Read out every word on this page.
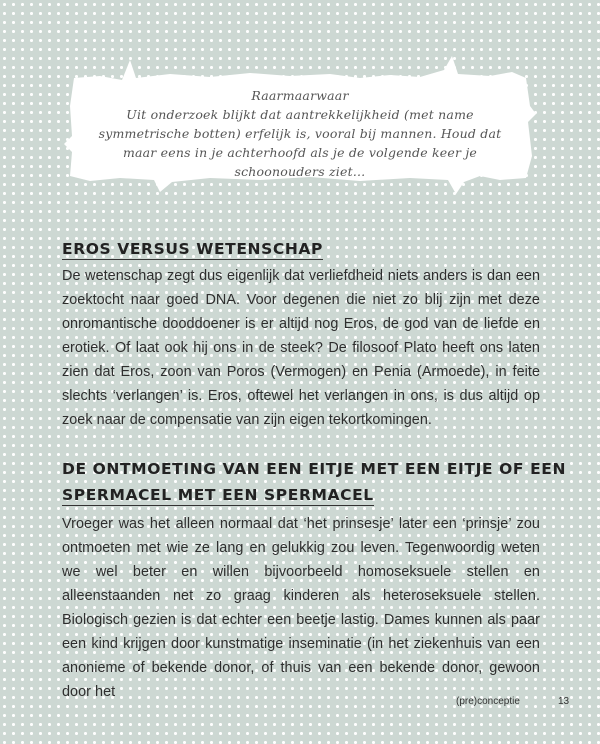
Raarmaarwaar
Uit onderzoek blijkt dat aantrekkelijkheid (met name symmetrische botten) erfelijk is, vooral bij mannen. Houd dat maar eens in je achterhoofd als je de volgende keer je schoonouders ziet…
EROS VERSUS WETENSCHAP

De wetenschap zegt dus eigenlijk dat verliefdheid niets anders is dan een zoektocht naar goed DNA. Voor degenen die niet zo blij zijn met deze onromantische dooddoener is er altijd nog Eros, de god van de liefde en erotiek. Of laat ook hij ons in de steek? De filosoof Plato heeft ons laten zien dat Eros, zoon van Poros (Vermogen) en Penia (Armoede), in feite slechts ‘verlangen’ is. Eros, oftewel het verlangen in ons, is dus altijd op zoek naar de compensatie van zijn eigen tekortkomingen.

DE ONTMOETING VAN EEN EITJE MET EEN EITJE OF EEN
SPERMACEL MET EEN SPERMACEL

Vroeger was het alleen normaal dat ‘het prinsesje’ later een ‘prinsje’ zou ontmoeten met wie ze lang en gelukkig zou leven. Tegenwoordig weten we wel beter en willen bijvoorbeeld homoseksuele stellen en alleenstaanden net zo graag kinderen als heteroseksuele stellen. Biologisch gezien is dat echter een beetje lastig. Dames kunnen als paar een kind krijgen door kunstmatige inseminatie (in het ziekenhuis van een anonieme of bekende donor, of thuis van een bekende donor, gewoon door het

(pre)conceptie	13
